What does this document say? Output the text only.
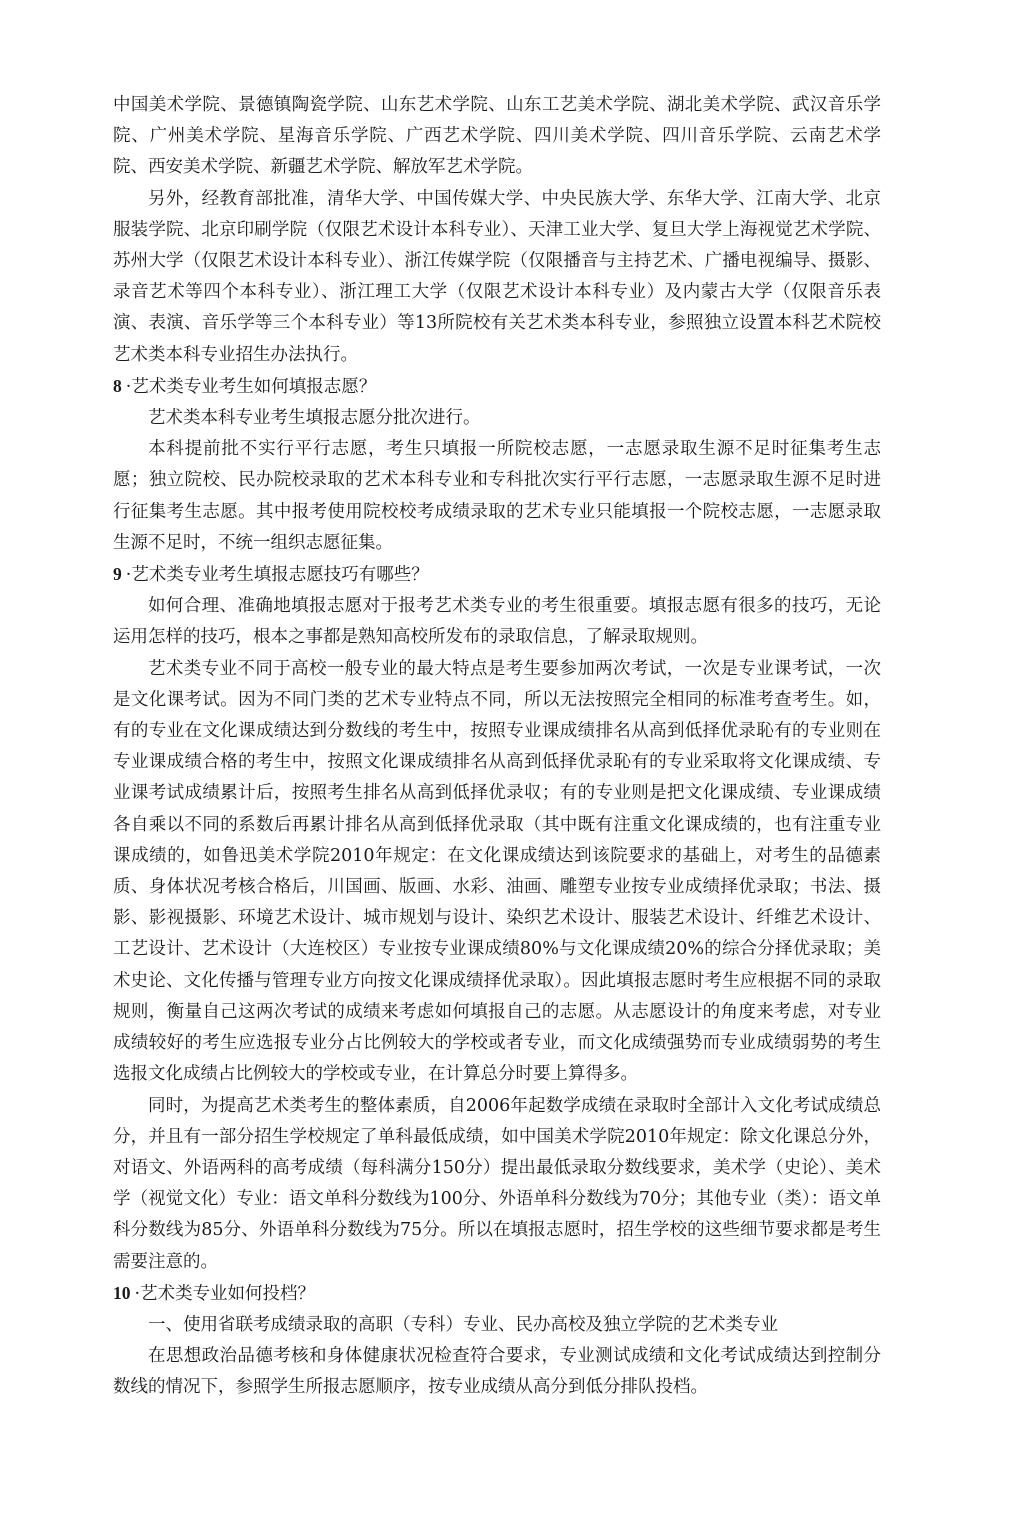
中国美术学院、景德镇陶瓷学院、山东艺术学院、山东工艺美术学院、湖北美术学院、武汉音乐学院、广州美术学院、星海音乐学院、广西艺术学院、四川美术学院、四川音乐学院、云南艺术学院、西安美术学院、新疆艺术学院、解放军艺术学院。

另外，经教育部批准，清华大学、中国传媒大学、中央民族大学、东华大学、江南大学、北京服装学院、北京印刷学院（仅限艺术设计本科专业）、天津工业大学、复旦大学上海视觉艺术学院、苏州大学（仅限艺术设计本科专业）、浙江传媒学院（仅限播音与主持艺术、广播电视编导、摄影、录音艺术等四个本科专业）、浙江理工大学（仅限艺术设计本科专业）及内蒙古大学（仅限音乐表演、表演、音乐学等三个本科专业）等13所院校有关艺术类本科专业，参照独立设置本科艺术院校艺术类本科专业招生办法执行。

8 ·艺术类专业考生如何填报志愿？

艺术类本科专业考生填报志愿分批次进行。

本科提前批不实行平行志愿，考生只填报一所院校志愿，一志愿录取生源不足时征集考生志愿；独立院校、民办院校录取的艺术本科专业和专科批次实行平行志愿，一志愿录取生源不足时进行征集考生志愿。其中报考使用院校校考成绩录取的艺术专业只能填报一个院校志愿，一志愿录取生源不足时，不统一组织志愿征集。

9 ·艺术类专业考生填报志愿技巧有哪些？

如何合理、准确地填报志愿对于报考艺术类专业的考生很重要。填报志愿有很多的技巧，无论运用怎样的技巧，根本之事都是熟知高校所发布的录取信息，了解录取规则。

艺术类专业不同于高校一般专业的最大特点是考生要参加两次考试，一次是专业课考试，一次是文化课考试。因为不同门类的艺术专业特点不同，所以无法按照完全相同的标准考查考生。如，有的专业在文化课成绩达到分数线的考生中，按照专业课成绩排名从高到低择优录恥有的专业则在专业课成绩合格的考生中，按照文化课成绩排名从高到低择优录恥有的专业采取将文化课成绩、专业课考试成绩累计后，按照考生排名从高到低择优录収；有的专业则是把文化课成绩、专业课成绩各自乘以不同的系数后再累计排名从高到低择优录取（其中既有注重文化课成绩的，也有注重专业课成绩的，如鲁迅美术学院2010年规定：在文化课成绩达到该院要求的基础上，对考生的品德素质、身体状况考核合格后，川国画、版画、水彩、油画、雕塑专业按专业成绩择优录取；书法、摄影、影视摄影、环境艺术设计、城市规划与设计、染织艺术设计、服装艺术设计、纤维艺术设计、工艺设计、艺术设计（大连校区）专业按专业课成绩80%与文化课成绩20%的综合分择优录取；美术史论、文化传播与管理专业方向按文化课成绩择优录取）。因此填报志愿时考生应根据不同的录取规则，衡量自己这两次考试的成绩来考虑如何填报自己的志愿。从志愿设计的角度来考虑，对专业成绩较好的考生应选报专业分占比例较大的学校或者专业，而文化成绩强势而专业成绩弱势的考生选报文化成绩占比例较大的学校或专业，在计算总分时要上算得多。

同时，为提高艺术类考生的整体素质，自2006年起数学成绩在录取时全部计入文化考试成绩总分，并且有一部分招生学校规定了单科最低成绩，如中国美术学院2010年规定：除文化课总分外，对语文、外语两科的高考成绩（每科满分150分）提出最低录取分数线要求，美术学（史论）、美术学（视觉文化）专业：语文单科分数线为100分、外语单科分数线为70分；其他专业（类）：语文单科分数线为85分、外语单科分数线为75分。所以在填报志愿时，招生学校的这些细节要求都是考生需要注意的。

10 ·艺术类专业如何投档？

一、使用省联考成绩录取的高职（专科）专业、民办高校及独立学院的艺术类专业

在思想政治品德考核和身体健康状况检查符合要求，专业测试成绩和文化考试成绩达到控制分数线的情况下，参照学生所报志愿顺序，按专业成绩从高分到低分排队投档。
